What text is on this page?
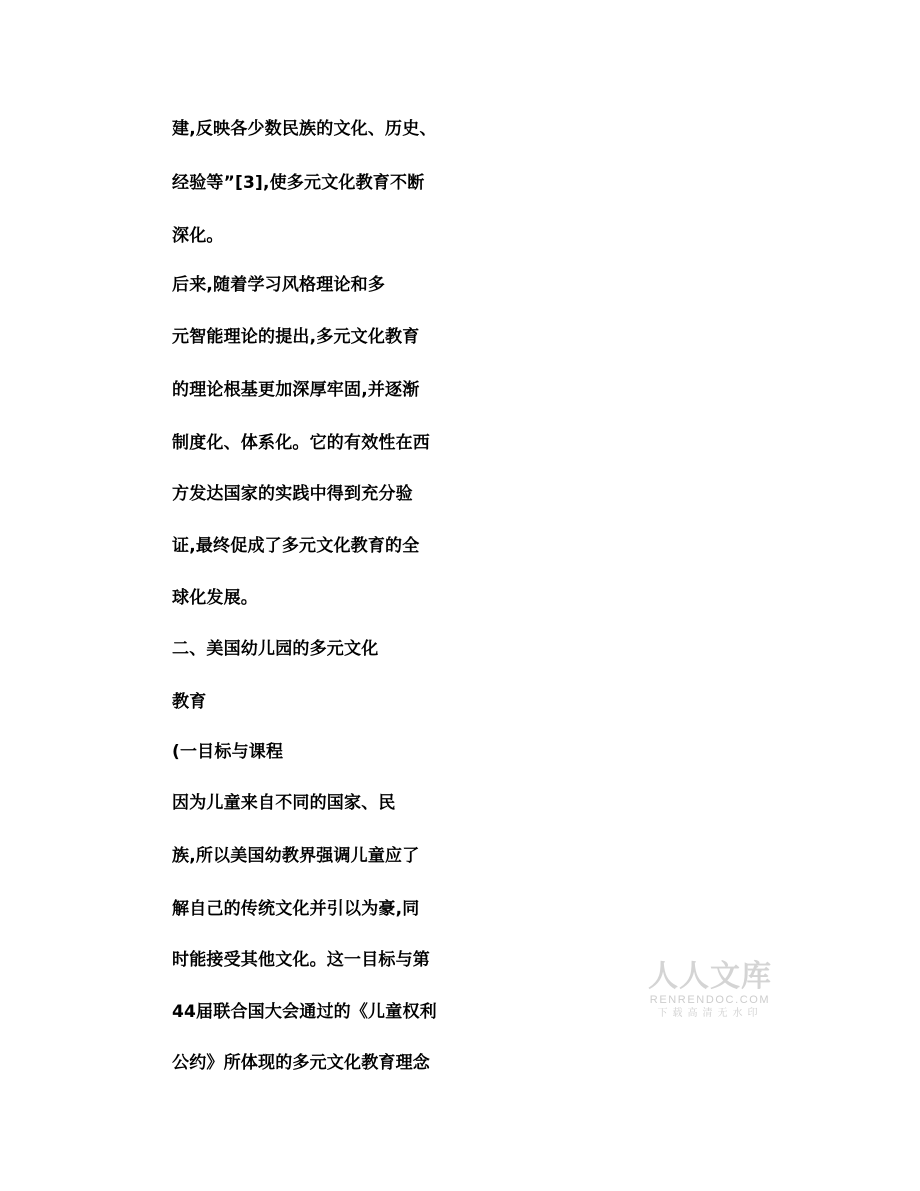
建,反映各少数民族的文化、历史、
经验等”[3],使多元文化教育不断
深化。
后来,随着学习风格理论和多
元智能理论的提出,多元文化教育
的理论根基更加深厚牢固,并逐渐
制度化、体系化。它的有效性在西
方发达国家的实践中得到充分验
证,最终促成了多元文化教育的全
球化发展。
二、美国幼儿园的多元文化
教育
(一目标与课程
因为儿童来自不同的国家、民
族,所以美国幼教界强调儿童应了
解自己的传统文化并引以为豪,同
时能接受其他文化。这一目标与第
44届联合国大会通过的《儿童权利
公约》所体现的多元文化教育理念
人人文库
RENRENDOC.COM
下载高清无水印
